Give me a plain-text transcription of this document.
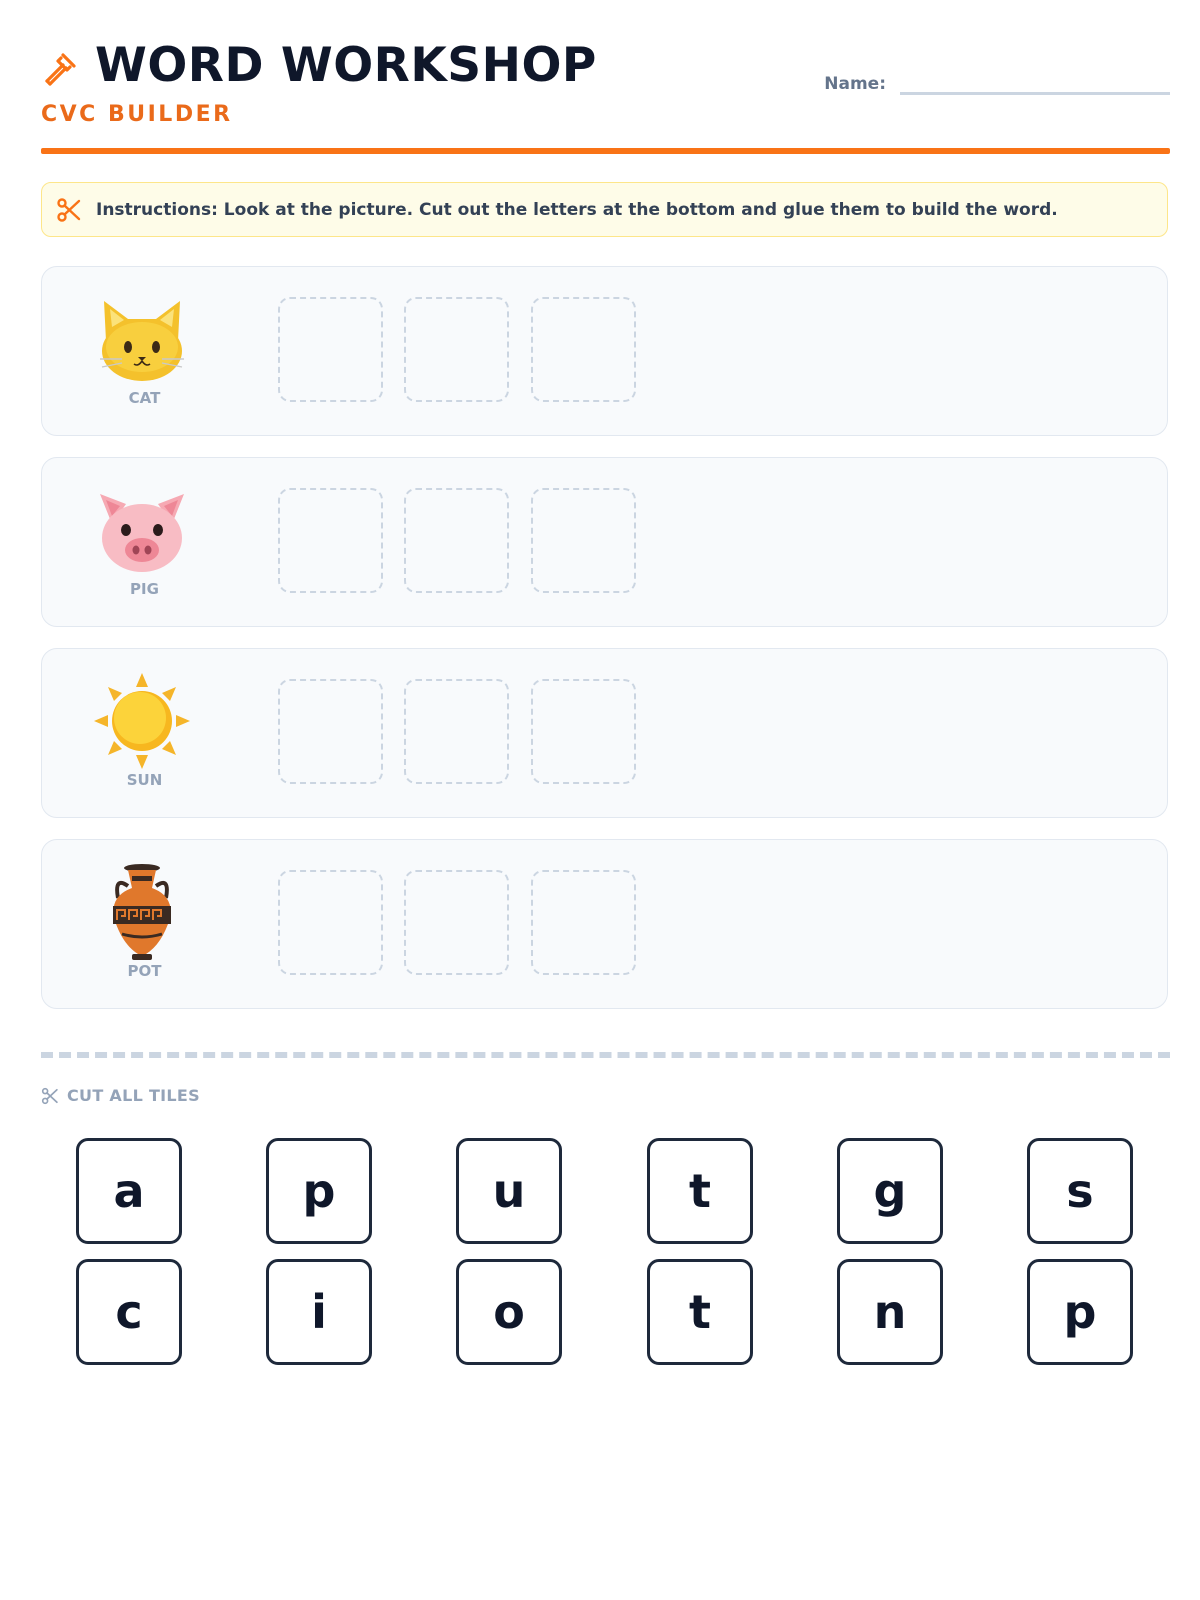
WORD WORKSHOP
CVC BUILDER
Name:
Instructions: Look at the picture. Cut out the letters at the bottom and glue them to build the word.
CAT
PIG
SUN
POT
CUT ALL TILES
a	p	u	t	g	s
c	i	o	t	n	p
